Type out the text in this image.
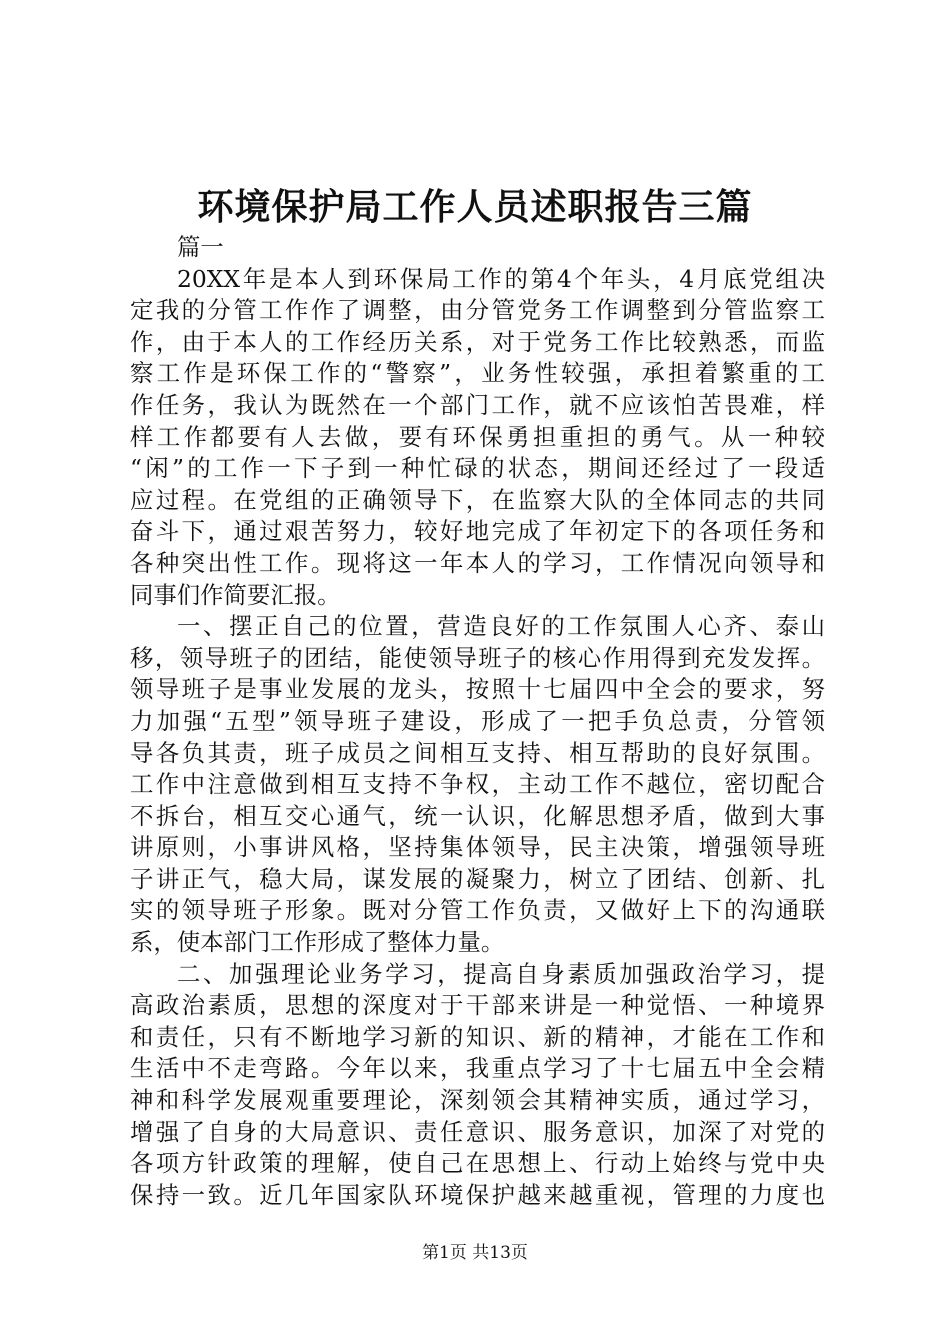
环境保护局工作人员述职报告三篇
篇一
20XX年是本人到环保局工作的第4个年头，4月底党组决
定我的分管工作作了调整，由分管党务工作调整到分管监察工
作，由于本人的工作经历关系，对于党务工作比较熟悉，而监
察工作是环保工作的“警察”，业务性较强，承担着繁重的工
作任务，我认为既然在一个部门工作，就不应该怕苦畏难，样
样工作都要有人去做，要有环保勇担重担的勇气。从一种较
“闲”的工作一下子到一种忙碌的状态，期间还经过了一段适
应过程。在党组的正确领导下，在监察大队的全体同志的共同
奋斗下，通过艰苦努力，较好地完成了年初定下的各项任务和
各种突出性工作。现将这一年本人的学习，工作情况向领导和
同事们作简要汇报。
一、摆正自己的位置，营造良好的工作氛围人心齐、泰山
移，领导班子的团结，能使领导班子的核心作用得到充发发挥。
领导班子是事业发展的龙头，按照十七届四中全会的要求，努
力加强“五型”领导班子建设，形成了一把手负总责，分管领
导各负其责，班子成员之间相互支持、相互帮助的良好氛围。
工作中注意做到相互支持不争权，主动工作不越位，密切配合
不拆台，相互交心通气，统一认识，化解思想矛盾，做到大事
讲原则，小事讲风格，坚持集体领导，民主决策，增强领导班
子讲正气，稳大局，谋发展的凝聚力，树立了团结、创新、扎
实的领导班子形象。既对分管工作负责，又做好上下的沟通联
系，使本部门工作形成了整体力量。
二、加强理论业务学习，提高自身素质加强政治学习，提
高政治素质，思想的深度对于干部来讲是一种觉悟、一种境界
和责任，只有不断地学习新的知识、新的精神，才能在工作和
生活中不走弯路。今年以来，我重点学习了十七届五中全会精
神和科学发展观重要理论，深刻领会其精神实质，通过学习，
增强了自身的大局意识、责任意识、服务意识，加深了对党的
各项方针政策的理解，使自己在思想上、行动上始终与党中央
保持一致。近几年国家队环境保护越来越重视，管理的力度也
第1页 共13页
